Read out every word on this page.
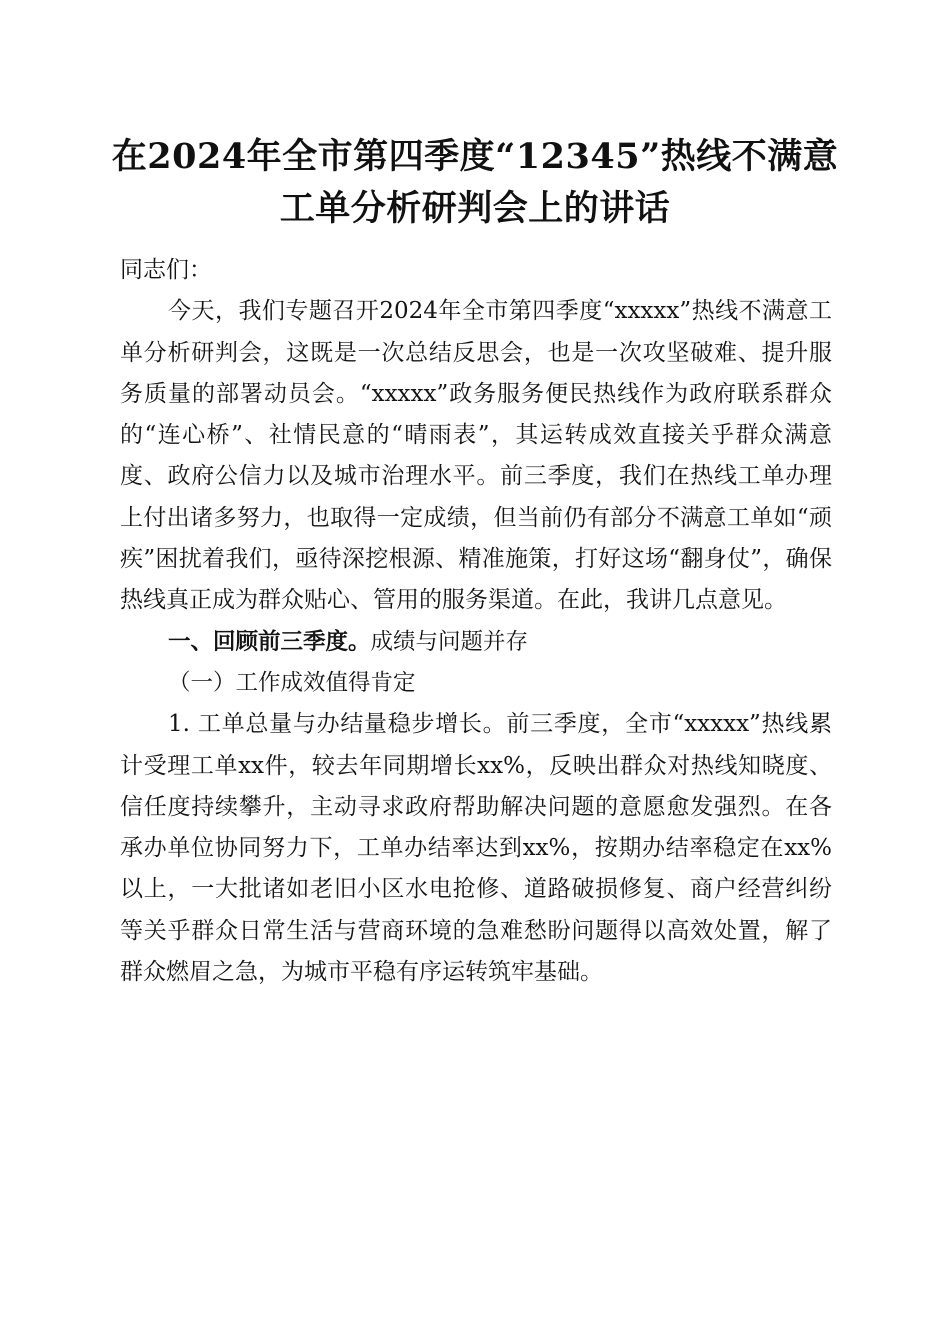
在2024年全市第四季度“12345”热线不满意
工单分析研判会上的讲话

同志们：

今天，我们专题召开2024年全市第四季度“xxxxx”热线不满意工单分析研判会，这既是一次总结反思会，也是一次攻坚破难、提升服务质量的部署动员会。“xxxxx”政务服务便民热线作为政府联系群众的“连心桥”、社情民意的“晴雨表”，其运转成效直接关乎群众满意度、政府公信力以及城市治理水平。前三季度，我们在热线工单办理上付出诸多努力，也取得一定成绩，但当前仍有部分不满意工单如“顽疾”困扰着我们，亟待深挖根源、精准施策，打好这场“翻身仗”，确保热线真正成为群众贴心、管用的服务渠道。在此，我讲几点意见。

一、回顾前三季度。成绩与问题并存

（一）工作成效值得肯定

1. 工单总量与办结量稳步增长。前三季度，全市“xxxxx”热线累计受理工单xx件，较去年同期增长xx%，反映出群众对热线知晓度、信任度持续攀升，主动寻求政府帮助解决问题的意愿愈发强烈。在各承办单位协同努力下，工单办结率达到xx%，按期办结率稳定在xx%以上，一大批诸如老旧小区水电抢修、道路破损修复、商户经营纠纷等关乎群众日常生活与营商环境的急难愁盼问题得以高效处置，解了群众燃眉之急，为城市平稳有序运转筑牢基础。
